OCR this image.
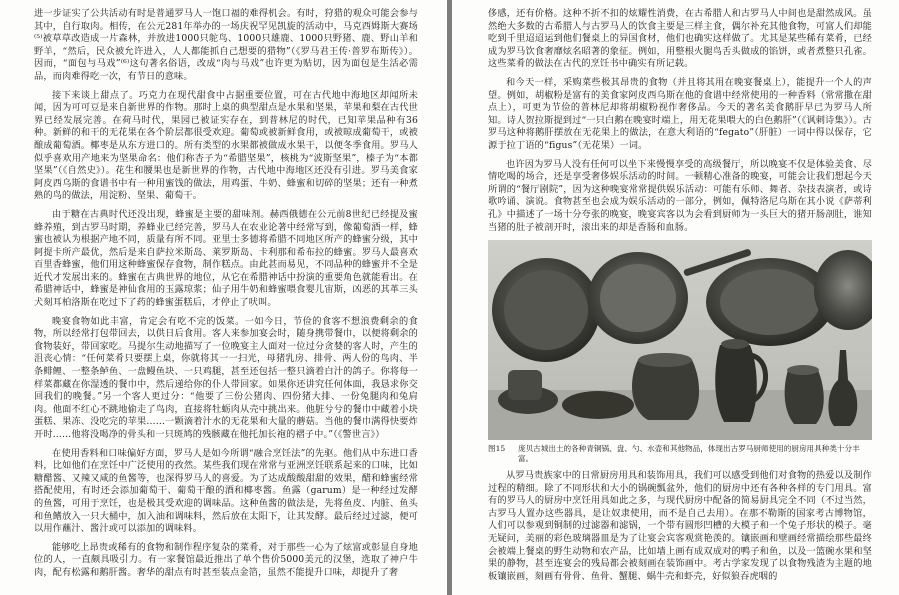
进一步证实了公共活动有时是普通罗马人一饱口福的难得机会。有时，狩猎的观众可能会参与其中，自行取肉。相传，在公元281年举办的一场庆祝罕见凯旋的活动中，马克西姆斯大赛场⁽⁵⁾被草草改造成一片森林，并放进1000只鸵鸟、1000只雄鹿、1000只野猪、鹿、野山羊和野羊，“然后，民众被允许进入，人人都能抓自己想要的猎物”（《罗马君王传·普罗布斯传》）。因而，“面包与马戏”⁽⁶⁾这句著名俗语，改成“肉与马戏”也许更为贴切，因为面包是生活必需品，而肉难得吃一次，有节日的意味。

接下来谈上甜点了。巧克力在现代甜食中占据重要位置，可在古代地中海地区却闻所未闻，因为可可豆是来自新世界的作物。那时上桌的典型甜点是水果和坚果，苹果和梨在古代世界已经发展完善。在荷马时代，果园已被证实存在，到普林尼的时代，已知苹果品种有36种。新鲜的和干的无花果在各个阶层都很受欢迎。葡萄或被新鲜食用，或被晾成葡萄干，或被酿成葡萄酒。椰枣是从东方进口的。所有类型的水果都被做成水果干，以便冬季食用。罗马人似乎喜欢用产地来为坚果命名：他们称杏子为“希腊坚果”，核桃为“波斯坚果”，榛子为“本都坚果”（《自然史》）。花生和腰果也是新世界的作物，古代地中海地区还没有引进。罗马美食家阿皮西乌斯的食谱书中有一种用蜜饯的做法，用鸡蛋、牛奶、蜂蜜和切碎的坚果；还有一种煮熟的鸟的做法，用淀粉、坚果、葡萄干。

由于糖在古典时代还没出现，蜂蜜是主要的甜味剂。赫西俄德在公元前8世纪已经提及蜜蜂养殖，到古罗马时期，养蜂业已经完善，罗马人在农业论著中经常写到，像葡萄酒一样，蜂蜜也被认为根据产地不同，质量有所不同。亚里士多德将希腊不同地区所产的蜂蜜分级，其中阿提卡所产最优，然后是来自萨拉米斯岛、莱罗斯岛、卡利那和希布拉的蜂蜜。罗马人最喜欢百里香蜂蜜，他们用这种蜂蜜保存食物，制作糕点。由此甚而易见，不同品种的蜂蜜并不全是近代才发展出来的。蜂蜜在古典世界的地位，从它在希腊神话中扮演的重要角色就能看出。在希腊神话中，蜂蜜是神仙食用的玉露琼浆；仙子用牛奶和蜂蜜喂食婴儿宙斯，凶恶的其革三头犬刻耳柏洛斯在吃过下了药的蜂蜜蛋糕后，才停止了吠叫。

晚宴食物如此丰富，肯定会有吃不完的饭菜。一如今日，节俭的食客不想浪费剩余的食物，所以经常打包带回去，以供日后食用。客人来参加宴会时，随身携带餐巾，以便将剩余的食物装好，带回家吃。马提尔生动地描写了一位晚宴主人面对一位过分贪婪的客人时，产生的沮丧心情：“任何菜肴只要摆上桌，你就将其一一扫光，母猪乳房、排骨、两人份的鸟肉、半条鲱鲤、一整条鲈鱼、一盘鳗鱼块、一只鸡腿，甚至还包括一整只滴着白汁的鸽子。你将每一样菜都藏在你湿透的餐巾中，然后递给你的仆人带回家。如果你还讲究任何体面，我恳求你交回我们的晚餐。”另一个客人更过分：“他要了三份公猪肉、四份猪大排、一份兔腿肉和兔肩肉。他面不红心不跳地偷走了鸟肉，直接将牡蛎肉从壳中挑出来。他脏兮兮的餐巾中藏着小块蛋糕、果冻、没吃完的苹果……一颗滴着汁水的无花果和大量的蘑菇。当他的餐巾满得快要炸开时……他将没喝净的骨头和一只斑鸠的残骸藏在他托加长袍的褶子中。”（《警世言》）

在使用香料和口味偏好方面，罗马人是如今所谓“融合烹饪法”的先驱。他们从中东进口香料，比如他们在烹饪中广泛使用的孜然。某些我们现在常常与亚洲烹饪联系起来的口味，比如糖醋酱、又辣又咸的鱼酱等，也深得罗马人的喜爱。为了达成酸酸甜甜的效果，醋和蜂蜜经常搭配使用，有时还会添加葡萄干、葡萄干酿的酒和椰枣酱。鱼露（garum）是一种经过发酵的鱼酱，可用于烹饪，也是极其受欢迎的调味品。这种鱼酱的做法是，先将鱼皮、内脏、鱼头和鱼鳍放入一只大桶中，加入油和调味料，然后放在太阳下，让其发酵。最后经过过滤，便可以用作蘸汁、酱汁或可以添加的调味料。

能够吃上昂贵或稀有的食物和制作程序复杂的菜肴，对于那些一心为了炫富或彰显自身地位的人，一直颇具吸引力。有一家餐馆最近推出了单个售价5000美元的汉堡，选取了神户牛肉，配有松露和鹅肝酱。奢华的甜点有时甚至装点金箔，虽然不能提升口味，却提升了奢

侈感，还有价格。这种不折不扣的炫耀性消费，在古希腊人和古罗马人中间也是甜然成风。虽然绝大多数的古希腊人与古罗马人的饮食主要是三样主食，偶尔补充其他食物，可富人们却能吃到千里迢迢运到他们餐桌上的异国食材，他们也确实这样做了。尤其是某些稀有菜肴，已经成为罗马饮食奢靡炫名昭著的象征。例如，用整根火腿鸟舌头做成的馅饼，或者煮整只孔雀。这些菜肴的做法在古代的烹饪书中确实有所记载。

和今天一样，采购菜些极其昂贵的食物（并且将其用在晚宴餐桌上），能提升一个人的声望。例如，胡椒粉是富有的美食家阿皮西乌斯在他的食谱中经常使用的一种香料（常常撒在甜点上），可更为节俭的普林尼却将胡椒粉视作奢侈品。今天的著名美食鹅肝早已为罗马人所知。诗人贺拉斯提到过“一只白鹅在晚宴时端上，用无花果喂大的白色鹅肝”（《讽刺诗集》）。古罗马这种将鹅肝摆放在无花果上的做法，在意大利语的“fegato”（肝脏）一词中得以保存，它源于拉丁语的“figus”（无花果）一词。

也许因为罗马人没有任何可以坐下来慢慢享受的高级餐厅，所以晚宴不仅是体验美食、尽情吃喝的场合，还是享受奢侈娱乐活动的时间。一顿精心准备的晚宴，可能会让我们想起今天所谓的“餐厅剧院”，因为这种晚宴常常提供娱乐活动：可能有乐师、舞者、杂技表演者，或诗歌吟诵、演说。食物甚至也会成为娱乐活动的一部分，例如，佩特洛尼乌斯在其小说《萨蒂利孔》中描述了一场十分夸张的晚宴，晚宴宾客以为会看到厨师为一头巨大的猪开肠剖肚，谁知当猪的肚子被剖开时，滚出来的却是香肠和血肠。

图15	庞贝古城出土的各种青铜锅、盘、勺、水壶和其他物品，体现出古罗马厨师使用的厨房用具种类十分丰富。

从罗马贵族家中的日常厨房用具和装饰用具，我们可以感受到他们对食物的热爱以及制作过程的精细。除了不同形状和大小的锅碗瓢盆外，他们的厨房中还有各种各样的专门用具。富有的罗马人的厨房中烹饪用具如此之多，与现代厨房中配备的简易厨具完全不同（不过当然，古罗马人置办这些器具，是让奴隶使用，而不是自己去用）。在那不勒斯的国家考古博物馆，人们可以参观到铜制的过滤器和滤锅，一个带有圆形凹槽的大模子和一个兔子形状的模子。毫无疑问，美丽的彩色玻璃器皿是为了让宴会宾客观赏艳羡的。镶嵌画和壁画经常描绘那些最终会被端上餐桌的野生动物和农产品，比如墙上画有成双成对的鸭子和鱼，以及一篮碗水果和坚果的静物，甚至连宴会的残局都会被刻画在装饰画中。考古学家发现了以食物残渣为主题的地板镶嵌画，刻画有骨骨、鱼骨、蟹腿、蜗牛壳和虾壳，好似狼吞虎咽的
